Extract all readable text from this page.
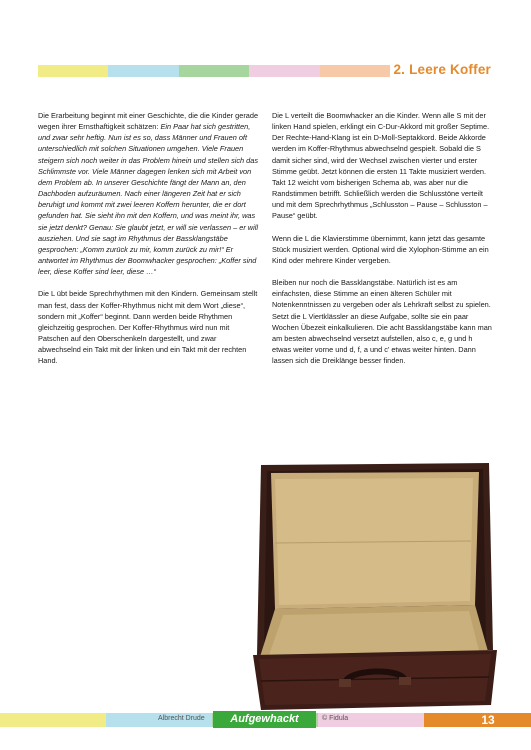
2. Leere Koffer

Die Erarbeitung beginnt mit einer Geschichte, die die Kinder gerade wegen ihrer Ernsthaftigkeit schätzen: Ein Paar hat sich gestritten, und zwar sehr heftig. Nun ist es so, dass Männer und Frauen oft unterschiedlich mit solchen Situationen umgehen. Viele Frauen steigern sich noch weiter in das Problem hinein und stellen sich das Schlimmste vor. Viele Männer dagegen lenken sich mit Arbeit von dem Problem ab. In unserer Geschichte fängt der Mann an, den Dachboden aufzuräumen. Nach einer längeren Zeit hat er sich beruhigt und kommt mit zwei leeren Koffern herunter, die er dort gefunden hat. Sie sieht ihn mit den Koffern, und was meint ihr, was sie jetzt denkt? Genau: Sie glaubt jetzt, er will sie verlassen – er will ausziehen. Und sie sagt im Rhythmus der Bassklangstäbe gesprochen: „Komm zurück zu mir, komm zurück zu mir!“ Er antwortet im Rhythmus der Boomwhacker gesprochen: „Koffer sind leer, diese Koffer sind leer, diese …“

Die L übt beide Sprechrhythmen mit den Kindern. Gemeinsam stellt man fest, dass der Koffer-Rhythmus nicht mit dem Wort „diese“, sondern mit „Koffer“ beginnt. Dann werden beide Rhythmen gleichzeitig gesprochen. Der Koffer-Rhythmus wird nun mit Patschen auf den Oberschenkeln dargestellt, und zwar abwechselnd ein Takt mit der linken und ein Takt mit der rechten Hand.

Die L verteilt die Boomwhacker an die Kinder. Wenn alle S mit der linken Hand spielen, erklingt ein C-Dur-Akkord mit großer Septime. Der Rechte-Hand-Klang ist ein D-Moll-Septakkord. Beide Akkorde werden im Koffer-Rhythmus abwechselnd gespielt. Sobald die S damit sicher sind, wird der Wechsel zwischen vierter und erster Stimme geübt. Jetzt können die ersten 11 Takte musiziert werden. Takt 12 weicht vom bisherigen Schema ab, was aber nur die Randstimmen betrifft. Schließlich werden die Schlusstöne verteilt und mit dem Sprechrhythmus „Schlusston – Pause – Schlusston – Pause“ geübt.

Wenn die L die Klavierstimme übernimmt, kann jetzt das gesamte Stück musiziert werden. Optional wird die Xylophon-Stimme an ein Kind oder mehrere Kinder vergeben.

Bleiben nur noch die Bassklangstäbe. Natürlich ist es am einfachsten, diese Stimme an einen älteren Schüler mit Notenkenntnissen zu vergeben oder als Lehrkraft selbst zu spielen. Setzt die L Viertklässler an diese Aufgabe, sollte sie ein paar Wochen Übezeit einkalkulieren. Die acht Bassklangstäbe kann man am besten abwechselnd versetzt aufstellen, also c, e, g und h etwas weiter vorne und d, f, a und c’ etwas weiter hinten. Dann lassen sich die Dreiklänge besser finden.

Albrecht Drude	Aufgewhackt	© Fidula	13
